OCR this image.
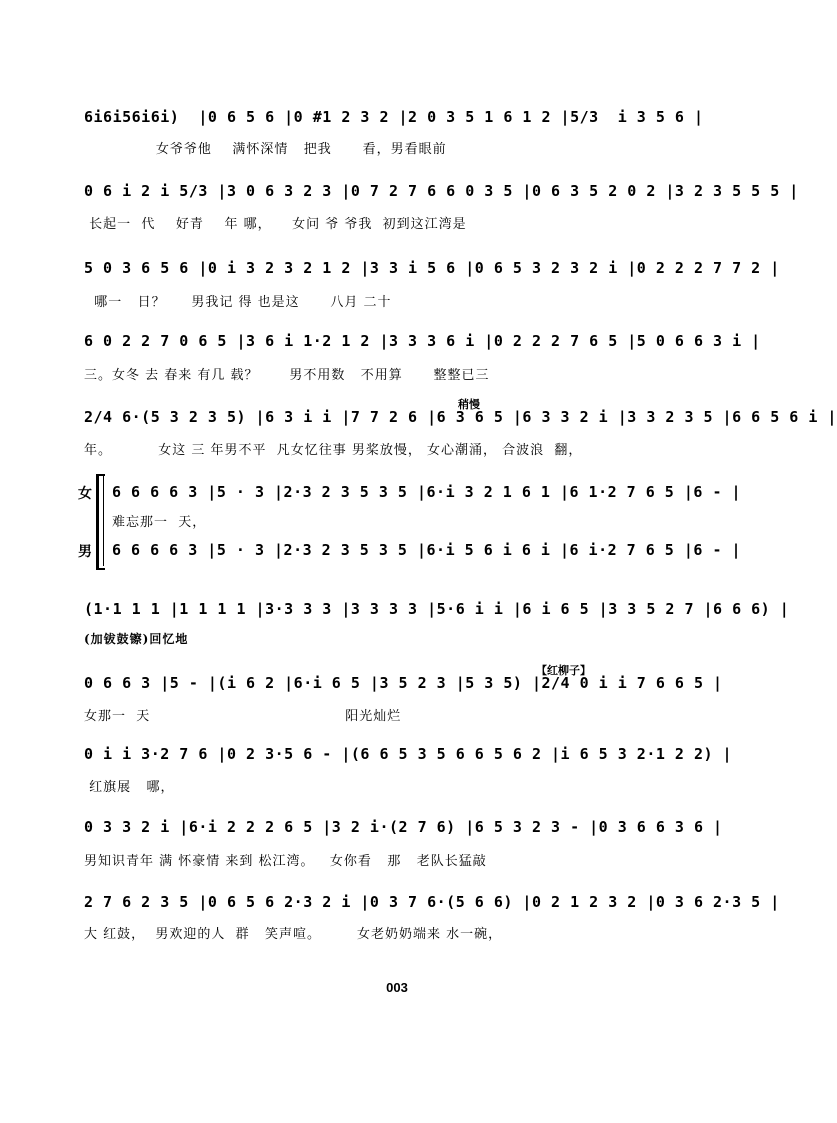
6i6i56i6i)  |0 6 5 6 |0 #1 2 3 2 |2 0 3 5 1 6 1 2 |5/3  i 3 5 6 |
女爷爷他    满怀深情   把我      看，男看眼前
0 6 i 2 i 5/3 |3 0 6 3 2 3 |0 7 2 7 6 6 0 3 5 |0 6 3 5 2 0 2 |3 2 3 5 5 5 |
长起一  代    好青    年 哪，    女问 爷 爷我  初到这江湾是
5 0 3 6 5 6 |0 i 3 2 3 2 1 2 |3 3 i 5 6 |0 6 5 3 2 3 2 i |0 2 2 2 7 7 2 |
哪一   日？     男我记 得 也是这      八月 二十
6 0 2 2 7 0 6 5 |3 6 i 1·2 1 2 |3 3 3 6 i |0 2 2 2 7 6 5 |5 0 6 6 3 i |
三。女冬 去 春来 有几 载？      男不用数   不用算      整整已三
稍慢
2/4 6·(5 3 2 3 5) |6 3 i i |7 7 2 6 |6 3 6 5 |6 3 3 2 i |3 3 2 3 5 |6 6 5 6 i |
年。         女这 三 年男不平  凡女忆往事 男桨放慢， 女心潮涌， 合波浪  翻，
女
男
6 6 6 6 3 |5 · 3 |2·3 2 3 5 3 5 |6·i 3 2 1 6 1 |6 1·2 7 6 5 |6 - |
难忘那一  天，
6 6 6 6 3 |5 · 3 |2·3 2 3 5 3 5 |6·i 5 6 i 6 i |6 i·2 7 6 5 |6 - |
(1·1 1 1 |1 1 1 1 |3·3 3 3 |3 3 3 3 |5·6 i i |6 i 6 5 |3 3 5 2 7 |6 6 6) |
(加钹鼓镲)回忆地
【红柳子】
0 6 6 3 |5 - |(i 6 2 |6·i 6 5 |3 5 2 3 |5 3 5) |2/4 0 i i 7 6 6 5 |
女那一  天                                      阳光灿烂
0 i i 3·2 7 6 |0 2 3·5 6 - |(6 6 5 3 5 6 6 5 6 2 |i 6 5 3 2·1 2 2) |
红旗展   哪，
0 3 3 2 i |6·i 2 2 2 6 5 |3 2 i·(2 7 6) |6 5 3 2 3 - |0 3 6 6 3 6 |
男知识青年 满 怀豪情 来到 松江湾。   女你看   那   老队长猛敲
2 7 6 2 3 5 |0 6 5 6 2·3 2 i |0 3 7 6·(5 6 6) |0 2 1 2 3 2 |0 3 6 2·3 5 |
大 红鼓，  男欢迎的人  群   笑声喧。       女老奶奶端来 水一碗，
003
